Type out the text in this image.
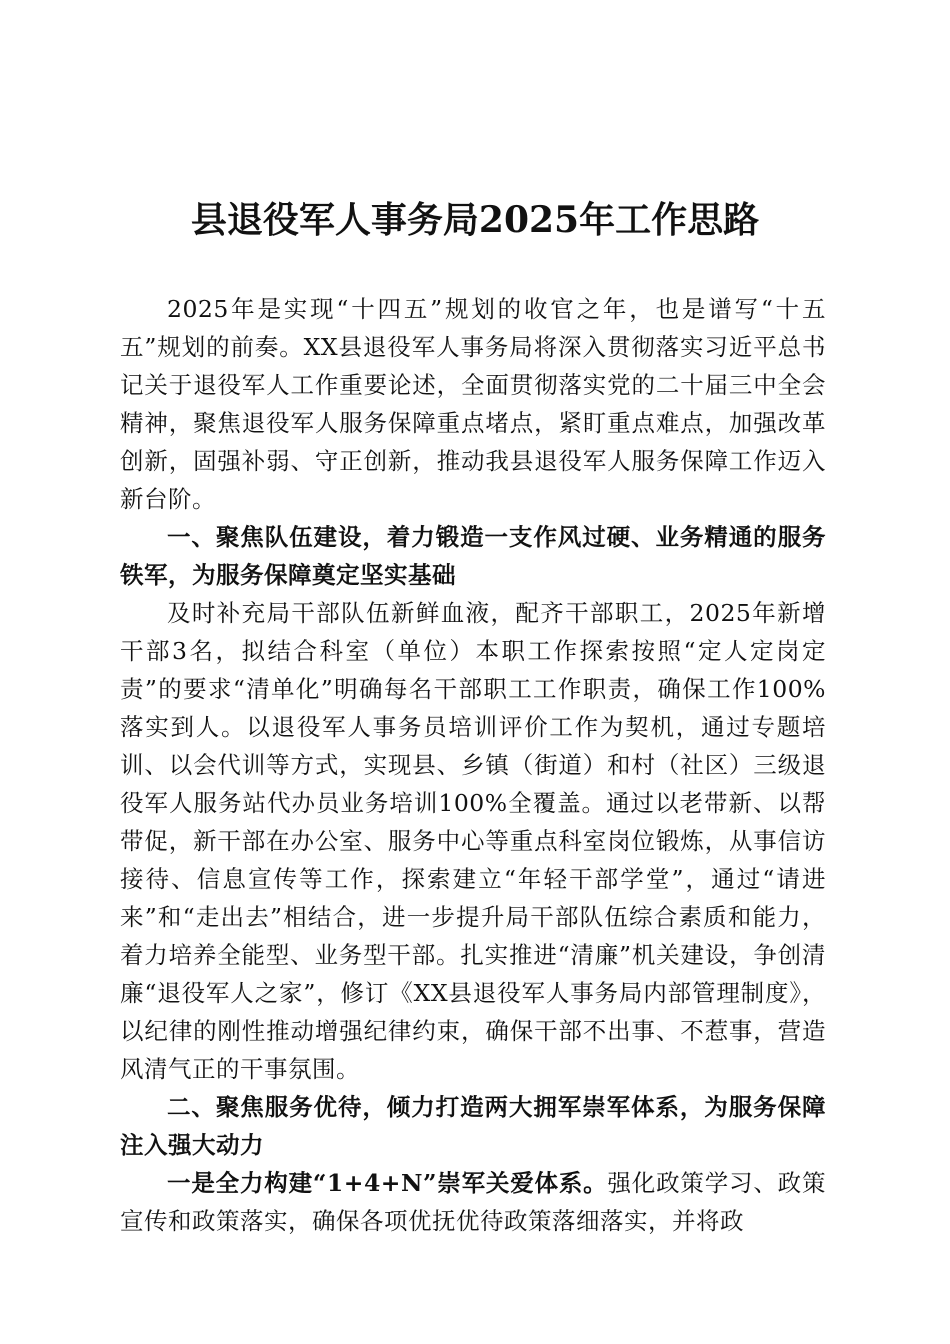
县退役军人事务局2025年工作思路

2025年是实现“十四五”规划的收官之年，也是谱写“十五五”规划的前奏。XX县退役军人事务局将深入贯彻落实习近平总书记关于退役军人工作重要论述，全面贯彻落实党的二十届三中全会精神，聚焦退役军人服务保障重点堵点，紧盯重点难点，加强改革创新，固强补弱、守正创新，推动我县退役军人服务保障工作迈入新台阶。

一、聚焦队伍建设，着力锻造一支作风过硬、业务精通的服务铁军，为服务保障奠定坚实基础

及时补充局干部队伍新鲜血液，配齐干部职工，2025年新增干部3名，拟结合科室（单位）本职工作探索按照“定人定岗定责”的要求“清单化”明确每名干部职工工作职责，确保工作100%落实到人。以退役军人事务员培训评价工作为契机，通过专题培训、以会代训等方式，实现县、乡镇（街道）和村（社区）三级退役军人服务站代办员业务培训100%全覆盖。通过以老带新、以帮带促，新干部在办公室、服务中心等重点科室岗位锻炼，从事信访接待、信息宣传等工作，探索建立“年轻干部学堂”，通过“请进来”和“走出去”相结合，进一步提升局干部队伍综合素质和能力，着力培养全能型、业务型干部。扎实推进“清廉”机关建设，争创清廉“退役军人之家”，修订《XX县退役军人事务局内部管理制度》，以纪律的刚性推动增强纪律约束，确保干部不出事、不惹事，营造风清气正的干事氛围。

二、聚焦服务优待，倾力打造两大拥军崇军体系，为服务保障注入强大动力

一是全力构建“1+4+N”崇军关爱体系。强化政策学习、政策宣传和政策落实，确保各项优抚优待政策落细落实，并将政
